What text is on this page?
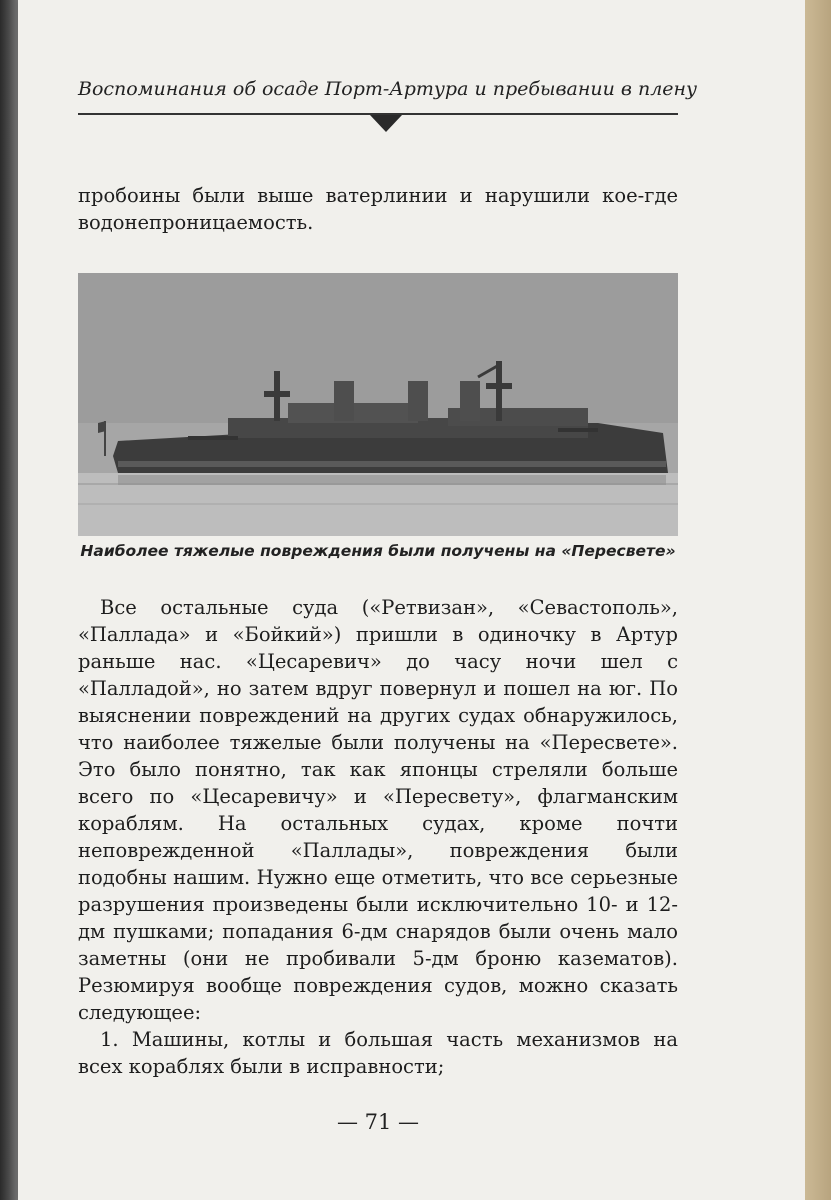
Воспоминания об осаде Порт-Артура и пребывании в плену

пробоины были выше ватерлинии и нарушили кое-где водонепроницаемость.

Наиболее тяжелые повреждения были получены на «Пересвете»

Все остальные суда («Ретвизан», «Севастополь», «Паллада» и «Бойкий») пришли в одиночку в Артур раньше нас. «Цесаревич» до часу ночи шел с «Палладой», но затем вдруг повернул и пошел на юг. По выяснении повреждений на других судах обнаружилось, что наиболее тяжелые были получены на «Пересвете». Это было понятно, так как японцы стреляли больше всего по «Цесаревичу» и «Пересвету», флагманским кораблям. На остальных судах, кроме почти неповрежденной «Паллады», повреждения были подобны нашим. Нужно еще отметить, что все серьезные разрушения произведены были исключительно 10- и 12-дм пушками; попадания 6-дм снарядов были очень мало заметны (они не пробивали 5-дм броню казематов). Резюмируя вообще повреждения судов, можно сказать следующее:

1. Машины, котлы и большая часть механизмов на всех кораблях были в исправности;

— 71 —
